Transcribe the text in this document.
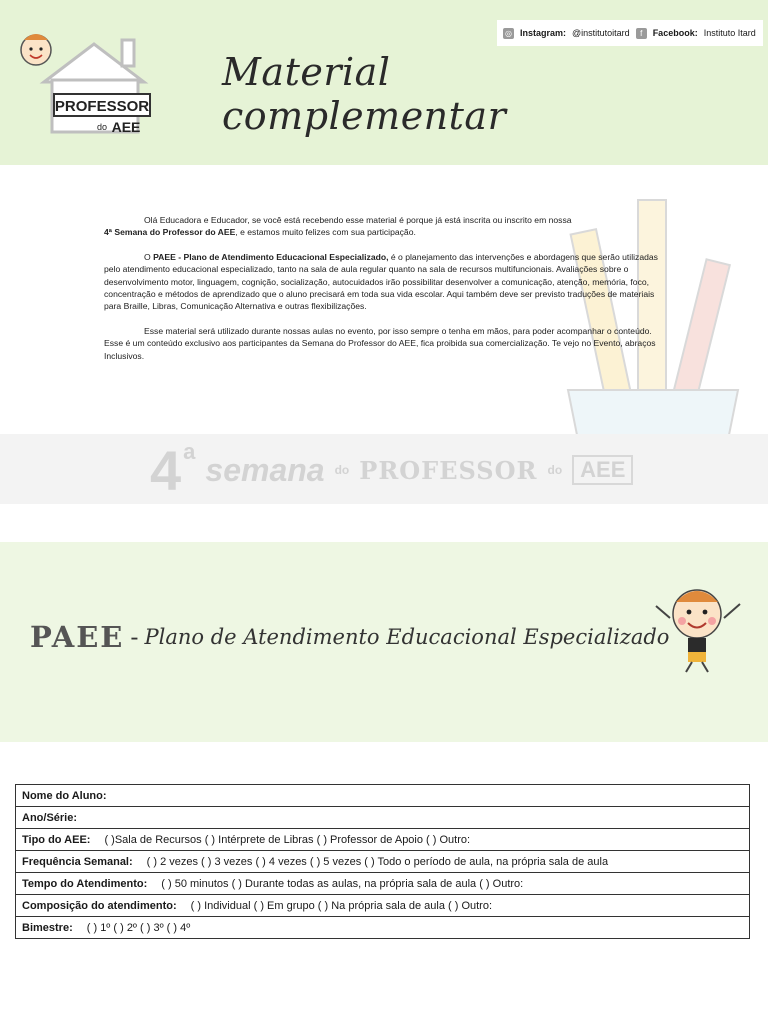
◎ Instagram: @institutoitard	f	Facebook: Instituto Itard
PROFESSOR
do AEE
Material complementar

Olá Educadora e Educador, se você está recebendo esse material é porque já está inscrita ou inscrito em nossa
4ª Semana do Professor do AEE, e estamos muito felizes com sua participação.

O PAEE - Plano de Atendimento Educacional Especializado, é o planejamento das intervenções e abordagens que serão utilizadas pelo atendimento educacional especializado, tanto na sala de aula regular quanto na sala de recursos multifuncionais. Avaliações sobre o desenvolvimento motor, linguagem, cognição, socialização, autocuidados irão possibilitar desenvolver a comunicação, atenção, memória, foco, concentração e métodos de aprendizado que o aluno precisará em toda sua vida escolar. Aqui também deve ser previsto traduções de materiais para Braille, Libras, Comunicação Alternativa e outras flexibilizações.

Esse material será utilizado durante nossas aulas no evento, por isso sempre o tenha em mãos, para poder acompanhar o conteúdo. Esse é um conteúdo exclusivo aos participantes da Semana do Professor do AEE, fica proibida sua comercialização. Te vejo no Evento, abraços Inclusivos.

4 a semana do PROFESSOR do AEE
PAEE - Plano de Atendimento Educacional Especializado
Nome do Aluno:
Ano/Série:
Tipo do AEE: ( )Sala de Recursos ( ) Intérprete de Libras ( ) Professor de Apoio ( ) Outro:
Frequência Semanal: ( ) 2 vezes ( ) 3 vezes ( ) 4 vezes ( ) 5 vezes ( ) Todo o período de aula, na própria sala de aula
Tempo do Atendimento: ( ) 50 minutos ( ) Durante todas as aulas, na própria sala de aula ( ) Outro:
Composição do atendimento: ( ) Individual ( ) Em grupo ( ) Na própria sala de aula ( ) Outro:
Bimestre: ( ) 1º ( ) 2º ( ) 3º ( ) 4º
